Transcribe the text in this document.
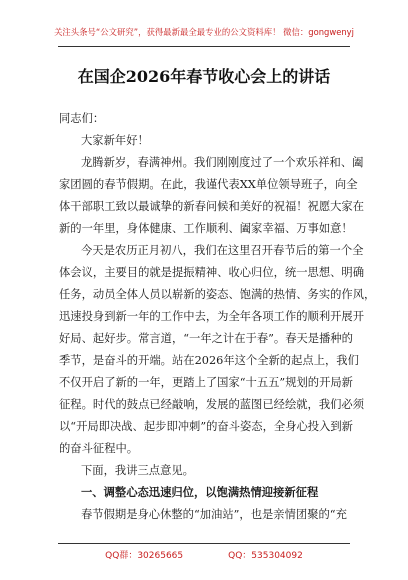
关注头条号“公文研究”，获得最新最全最专业的公文资料库！ 微信：gongwenyj
在国企2026年春节收心会上的讲话
同志们：
大家新年好！
龙腾新岁，春满神州。我们刚刚度过了一个欢乐祥和、阖
家团圆的春节假期。在此，我谨代表XX单位领导班子，向全
体干部职工致以最诚挚的新春问候和美好的祝福！祝愿大家在
新的一年里，身体健康、工作顺利、阖家幸福、万事如意！
今天是农历正月初八，我们在这里召开春节后的第一个全
体会议，主要目的就是提振精神、收心归位，统一思想、明确
任务，动员全体人员以崭新的姿态、饱满的热情、务实的作风，
迅速投身到新一年的工作中去，为全年各项工作的顺利开展开
好局、起好步。常言道，“一年之计在于春”。春天是播种的
季节，是奋斗的开端。站在2026年这个全新的起点上，我们
不仅开启了新的一年，更踏上了国家“十五五”规划的开局新
征程。时代的鼓点已经敲响，发展的蓝图已经绘就，我们必须
以“开局即决战、起步即冲刺”的奋斗姿态，全身心投入到新
的奋斗征程中。
下面，我讲三点意见。
一、调整心态迅速归位，以饱满热情迎接新征程
春节假期是身心休整的“加油站”，也是亲情团聚的“充
QQ群：30265665　　　　　QQ：535304092
